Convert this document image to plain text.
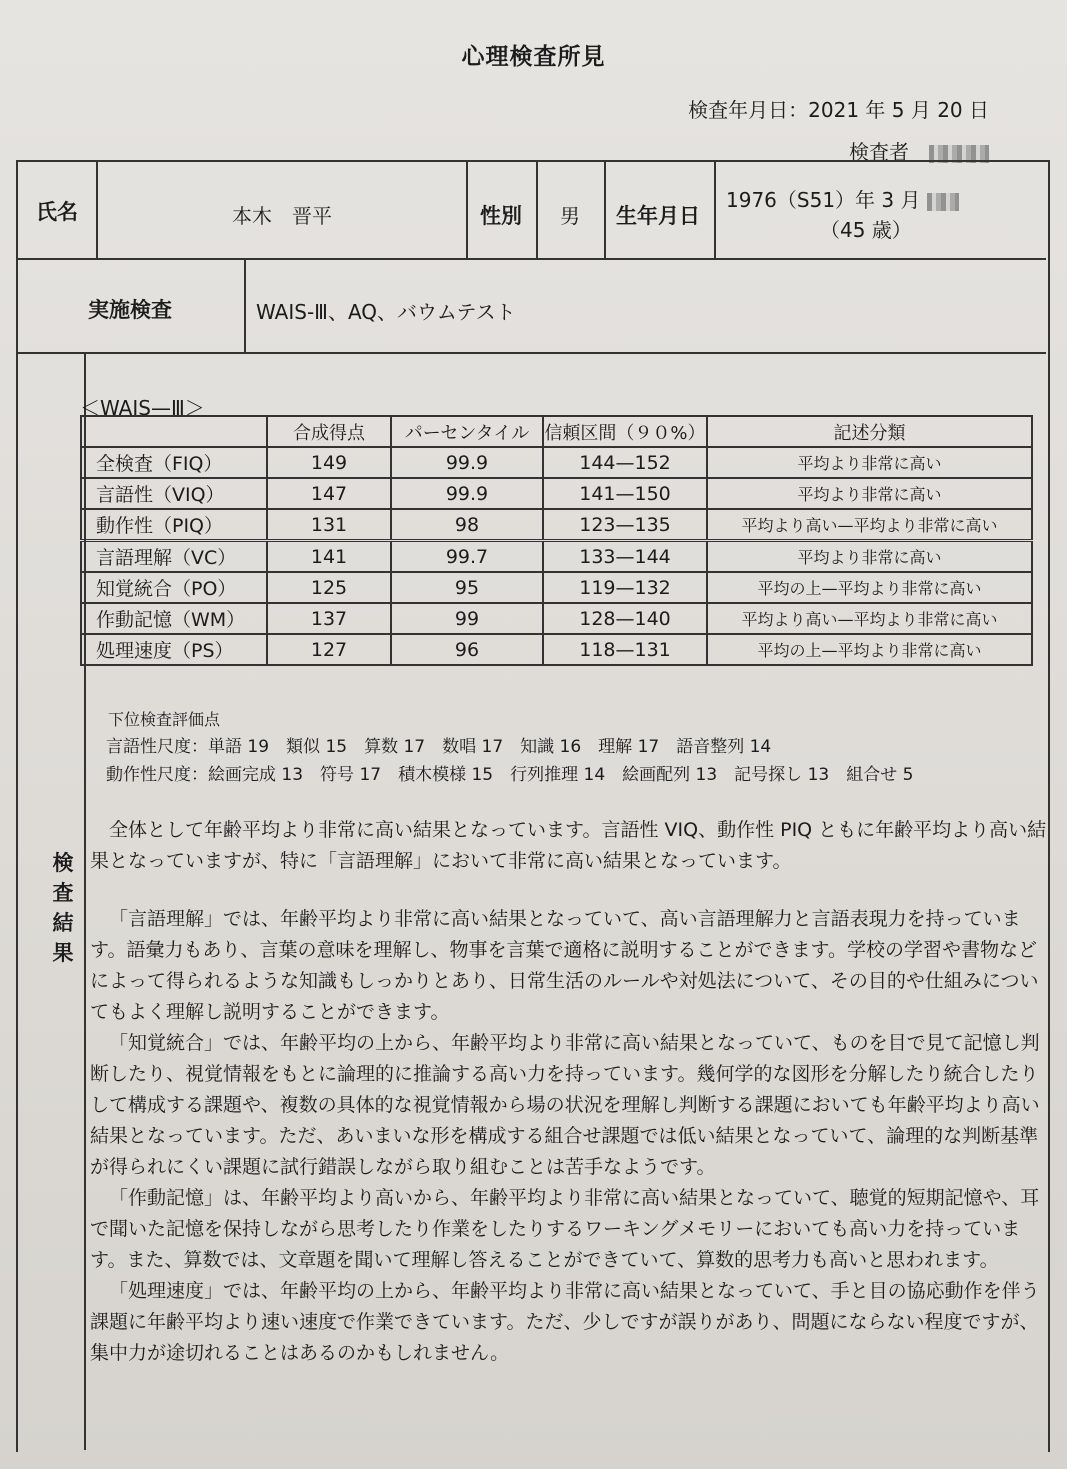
心理検査所見
検査年月日：2021 年 5 月 20 日
検査者　
氏名	本木　晋平	性別 男 生年月日
1976（S51）年 3 月
（45 歳）
実施検査	WAIS-Ⅲ、AQ、バウムテスト
検
査
結
果
＜WAIS—Ⅲ＞
	合成得点	パーセンタイル	信頼区間（９０%）	記述分類
全検査（FIQ）	149	99.9	144—152	平均より非常に高い
言語性（VIQ）	147	99.9	141—150	平均より非常に高い
動作性（PIQ）	131	98	123—135	平均より高い—平均より非常に高い
言語理解（VC）	141	99.7	133—144	平均より非常に高い
知覚統合（PO）	125	95	119—132	平均の上—平均より非常に高い
作動記憶（WM）	137	99	128—140	平均より高い—平均より非常に高い
処理速度（PS）	127	96	118—131	平均の上—平均より非常に高い
下位検査評価点
言語性尺度：単語 19　類似 15　算数 17　数唱 17　知識 16　理解 17　語音整列 14
動作性尺度：絵画完成 13　符号 17　積木模様 15　行列推理 14　絵画配列 13　記号探し 13　組合せ 5

全体として年齢平均より非常に高い結果となっています。言語性 VIQ、動作性 PIQ ともに年齢平均より高い結果となっていますが、特に「言語理解」において非常に高い結果となっています。

「言語理解」では、年齢平均より非常に高い結果となっていて、高い言語理解力と言語表現力を持っています。語彙力もあり、言葉の意味を理解し、物事を言葉で適格に説明することができます。学校の学習や書物などによって得られるような知識もしっかりとあり、日常生活のルールや対処法について、その目的や仕組みについてもよく理解し説明することができます。

「知覚統合」では、年齢平均の上から、年齢平均より非常に高い結果となっていて、ものを目で見て記憶し判断したり、視覚情報をもとに論理的に推論する高い力を持っています。幾何学的な図形を分解したり統合したりして構成する課題や、複数の具体的な視覚情報から場の状況を理解し判断する課題においても年齢平均より高い結果となっています。ただ、あいまいな形を構成する組合せ課題では低い結果となっていて、論理的な判断基準が得られにくい課題に試行錯誤しながら取り組むことは苦手なようです。

「作動記憶」は、年齢平均より高いから、年齢平均より非常に高い結果となっていて、聴覚的短期記憶や、耳で聞いた記憶を保持しながら思考したり作業をしたりするワーキングメモリーにおいても高い力を持っています。また、算数では、文章題を聞いて理解し答えることができていて、算数的思考力も高いと思われます。

「処理速度」では、年齢平均の上から、年齢平均より非常に高い結果となっていて、手と目の協応動作を伴う課題に年齢平均より速い速度で作業できています。ただ、少しですが誤りがあり、問題にならない程度ですが、集中力が途切れることはあるのかもしれません。
